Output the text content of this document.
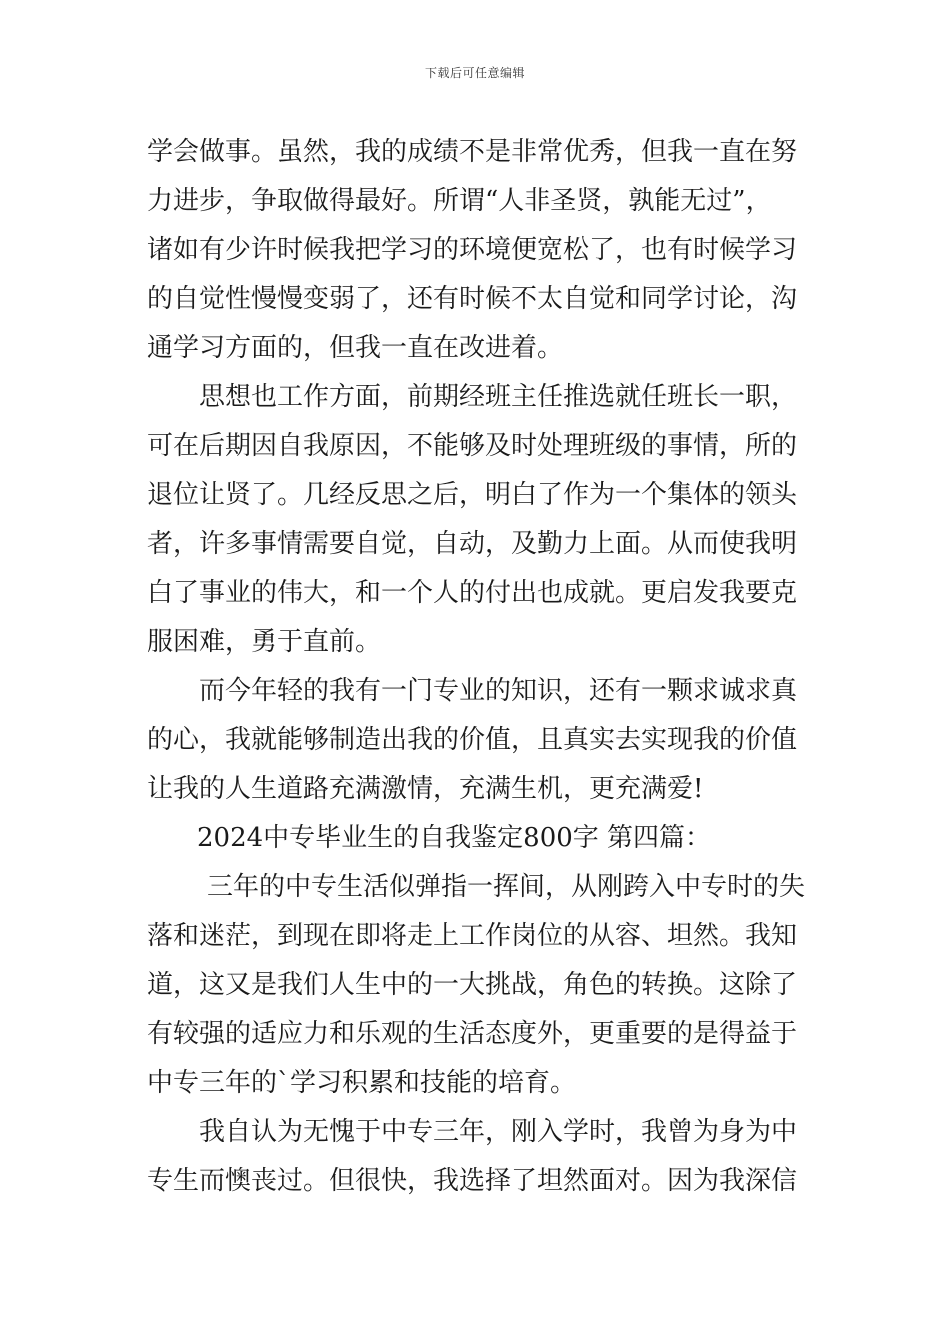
下载后可任意编辑
学会做事。虽然，我的成绩不是非常优秀，但我一直在努
力进步，争取做得最好。所谓“人非圣贤，孰能无过”，
诸如有少许时候我把学习的环境便宽松了，也有时候学习
的自觉性慢慢变弱了，还有时候不太自觉和同学讨论，沟
通学习方面的，但我一直在改进着。
思想也工作方面，前期经班主任推选就任班长一职，
可在后期因自我原因，不能够及时处理班级的事情，所的
退位让贤了。几经反思之后，明白了作为一个集体的领头
者，许多事情需要自觉，自动，及勤力上面。从而使我明
白了事业的伟大，和一个人的付出也成就。更启发我要克
服困难，勇于直前。
而今年轻的我有一门专业的知识，还有一颗求诚求真
的心，我就能够制造出我的价值，且真实去实现我的价值
让我的人生道路充满激情，充满生机，更充满爱!
2024中专毕业生的自我鉴定800字 第四篇：
三年的中专生活似弹指一挥间，从刚跨入中专时的失
落和迷茫，到现在即将走上工作岗位的从容、坦然。我知
道，这又是我们人生中的一大挑战，角色的转换。这除了
有较强的适应力和乐观的生活态度外，更重要的是得益于
中专三年的`学习积累和技能的培育。
我自认为无愧于中专三年，刚入学时，我曾为身为中
专生而懊丧过。但很快，我选择了坦然面对。因为我深信
